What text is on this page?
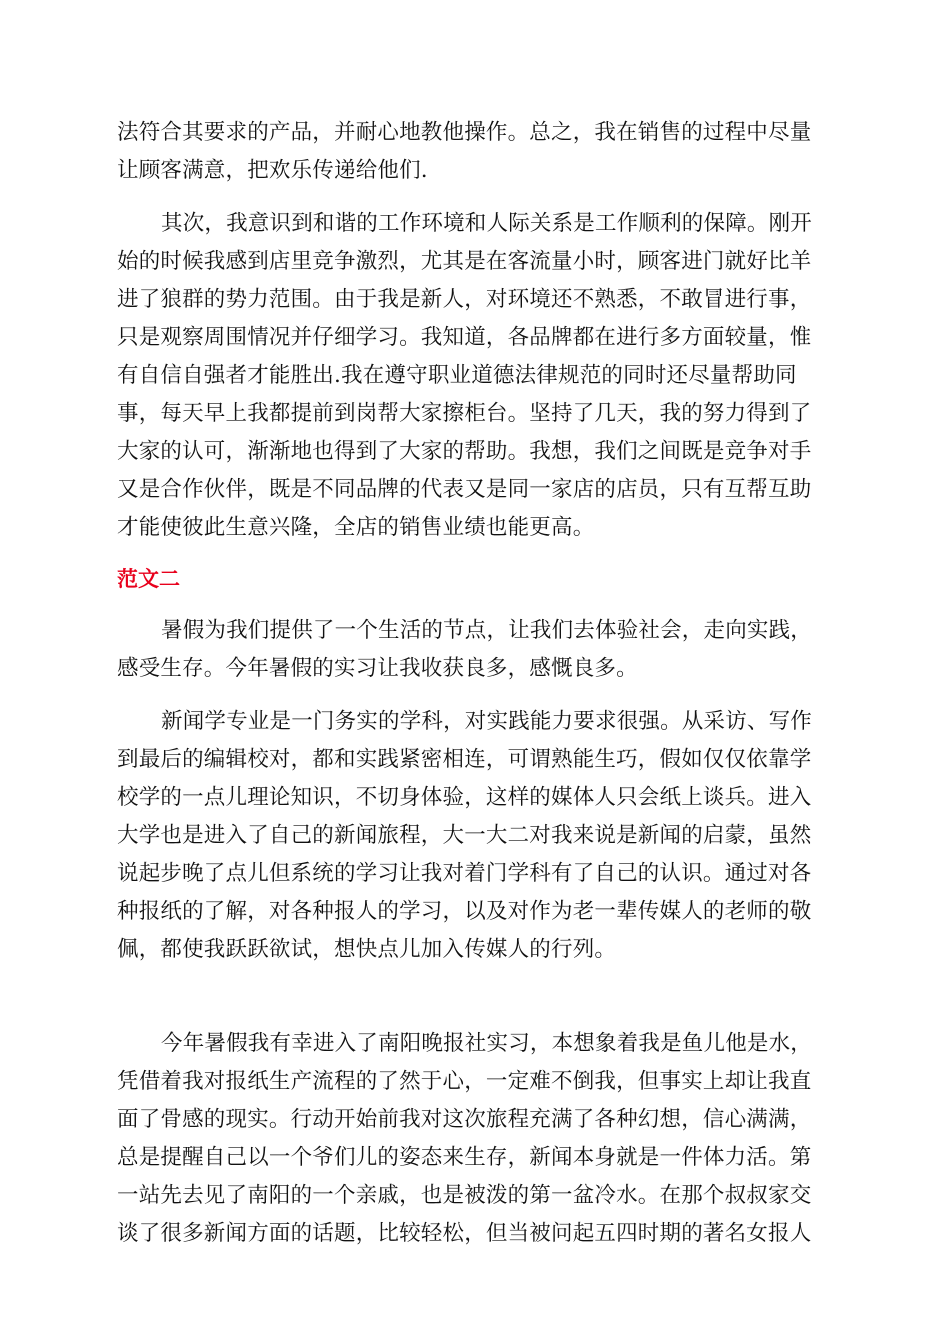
法符合其要求的产品，并耐心地教他操作。总之，我在销售的过程中尽量
让顾客满意，把欢乐传递给他们.
其次，我意识到和谐的工作环境和人际关系是工作顺利的保障。刚开
始的时候我感到店里竞争激烈，尤其是在客流量小时，顾客进门就好比羊
进了狼群的势力范围。由于我是新人，对环境还不熟悉，不敢冒进行事，
只是观察周围情况并仔细学习。我知道，各品牌都在进行多方面较量，惟
有自信自强者才能胜出.我在遵守职业道德法律规范的同时还尽量帮助同
事，每天早上我都提前到岗帮大家擦柜台。坚持了几天，我的努力得到了
大家的认可，渐渐地也得到了大家的帮助。我想，我们之间既是竞争对手
又是合作伙伴，既是不同品牌的代表又是同一家店的店员，只有互帮互助
才能使彼此生意兴隆，全店的销售业绩也能更高。
范文二
暑假为我们提供了一个生活的节点，让我们去体验社会，走向实践，
感受生存。今年暑假的实习让我收获良多，感慨良多。
新闻学专业是一门务实的学科，对实践能力要求很强。从采访、写作
到最后的编辑校对，都和实践紧密相连，可谓熟能生巧，假如仅仅依靠学
校学的一点儿理论知识，不切身体验，这样的媒体人只会纸上谈兵。进入
大学也是进入了自己的新闻旅程，大一大二对我来说是新闻的启蒙，虽然
说起步晚了点儿但系统的学习让我对着门学科有了自己的认识。通过对各
种报纸的了解，对各种报人的学习，以及对作为老一辈传媒人的老师的敬
佩，都使我跃跃欲试，想快点儿加入传媒人的行列。
今年暑假我有幸进入了南阳晚报社实习，本想象着我是鱼儿他是水，
凭借着我对报纸生产流程的了然于心，一定难不倒我，但事实上却让我直
面了骨感的现实。行动开始前我对这次旅程充满了各种幻想，信心满满，
总是提醒自己以一个爷们儿的姿态来生存，新闻本身就是一件体力活。第
一站先去见了南阳的一个亲戚，也是被泼的第一盆冷水。在那个叔叔家交
谈了很多新闻方面的话题，比较轻松，但当被问起五四时期的著名女报人
